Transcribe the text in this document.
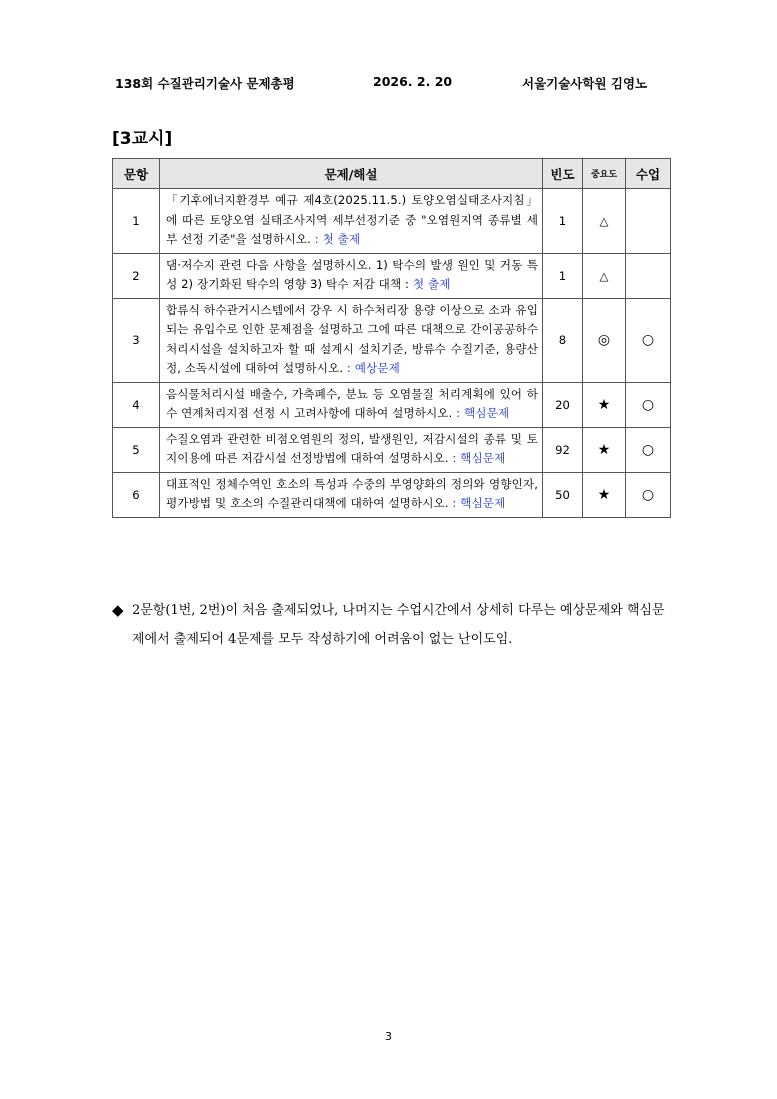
138회 수질관리기술사 문제총평	2026. 2. 20	서울기술사학원 김영노
[3교시]
문항	문제/해설	빈도	중요도	수업
1	「기후에너지환경부 예규 제4호(2025.11.5.) 토양오염실태조사지침」에 따른 토양오염 실태조사지역 세부선정기준 중 "오염원지역 종류별 세부 선정 기준"을 설명하시오. : 첫 출제	1	△	
2	댐·저수지 관련 다음 사항을 설명하시오. 1) 탁수의 발생 원인 및 거동 특성 2) 장기화된 탁수의 영향 3) 탁수 저감 대책 : 첫 출제	1	△	
3	합류식 하수관거시스템에서 강우 시 하수처리장 용량 이상으로 소과 유입되는 유입수로 인한 문제점을 설명하고 그에 따른 대책으로 간이공공하수처리시설을 설치하고자 할 때 설계시 설치기준, 방류수 수질기준, 용량산정, 소독시설에 대하여 설명하시오. : 예상문제	8	◎	○
4	음식물처리시설 배출수, 가축폐수, 분뇨 등 오염물질 처리계획에 있어 하수 연계처리지점 선정 시 고려사항에 대하여 설명하시오. : 핵심문제	20	★	○
5	수질오염과 관련한 비점오염원의 정의, 발생원인, 저감시설의 종류 및 토지이용에 따른 저감시설 선정방법에 대하여 설명하시오. : 핵심문제	92	★	○
6	대표적인 정체수역인 호소의 특성과 수중의 부영양화의 정의와 영향인자, 평가방법 및 호소의 수질관리대책에 대하여 설명하시오. : 핵심문제	50	★	○
◆ 2문항(1번, 2번)이 처음 출제되었나, 나머지는 수업시간에서 상세히 다루는 예상문제와 핵심문제에서 출제되어 4문제를 모두 작성하기에 어려움이 없는 난이도임.
3
